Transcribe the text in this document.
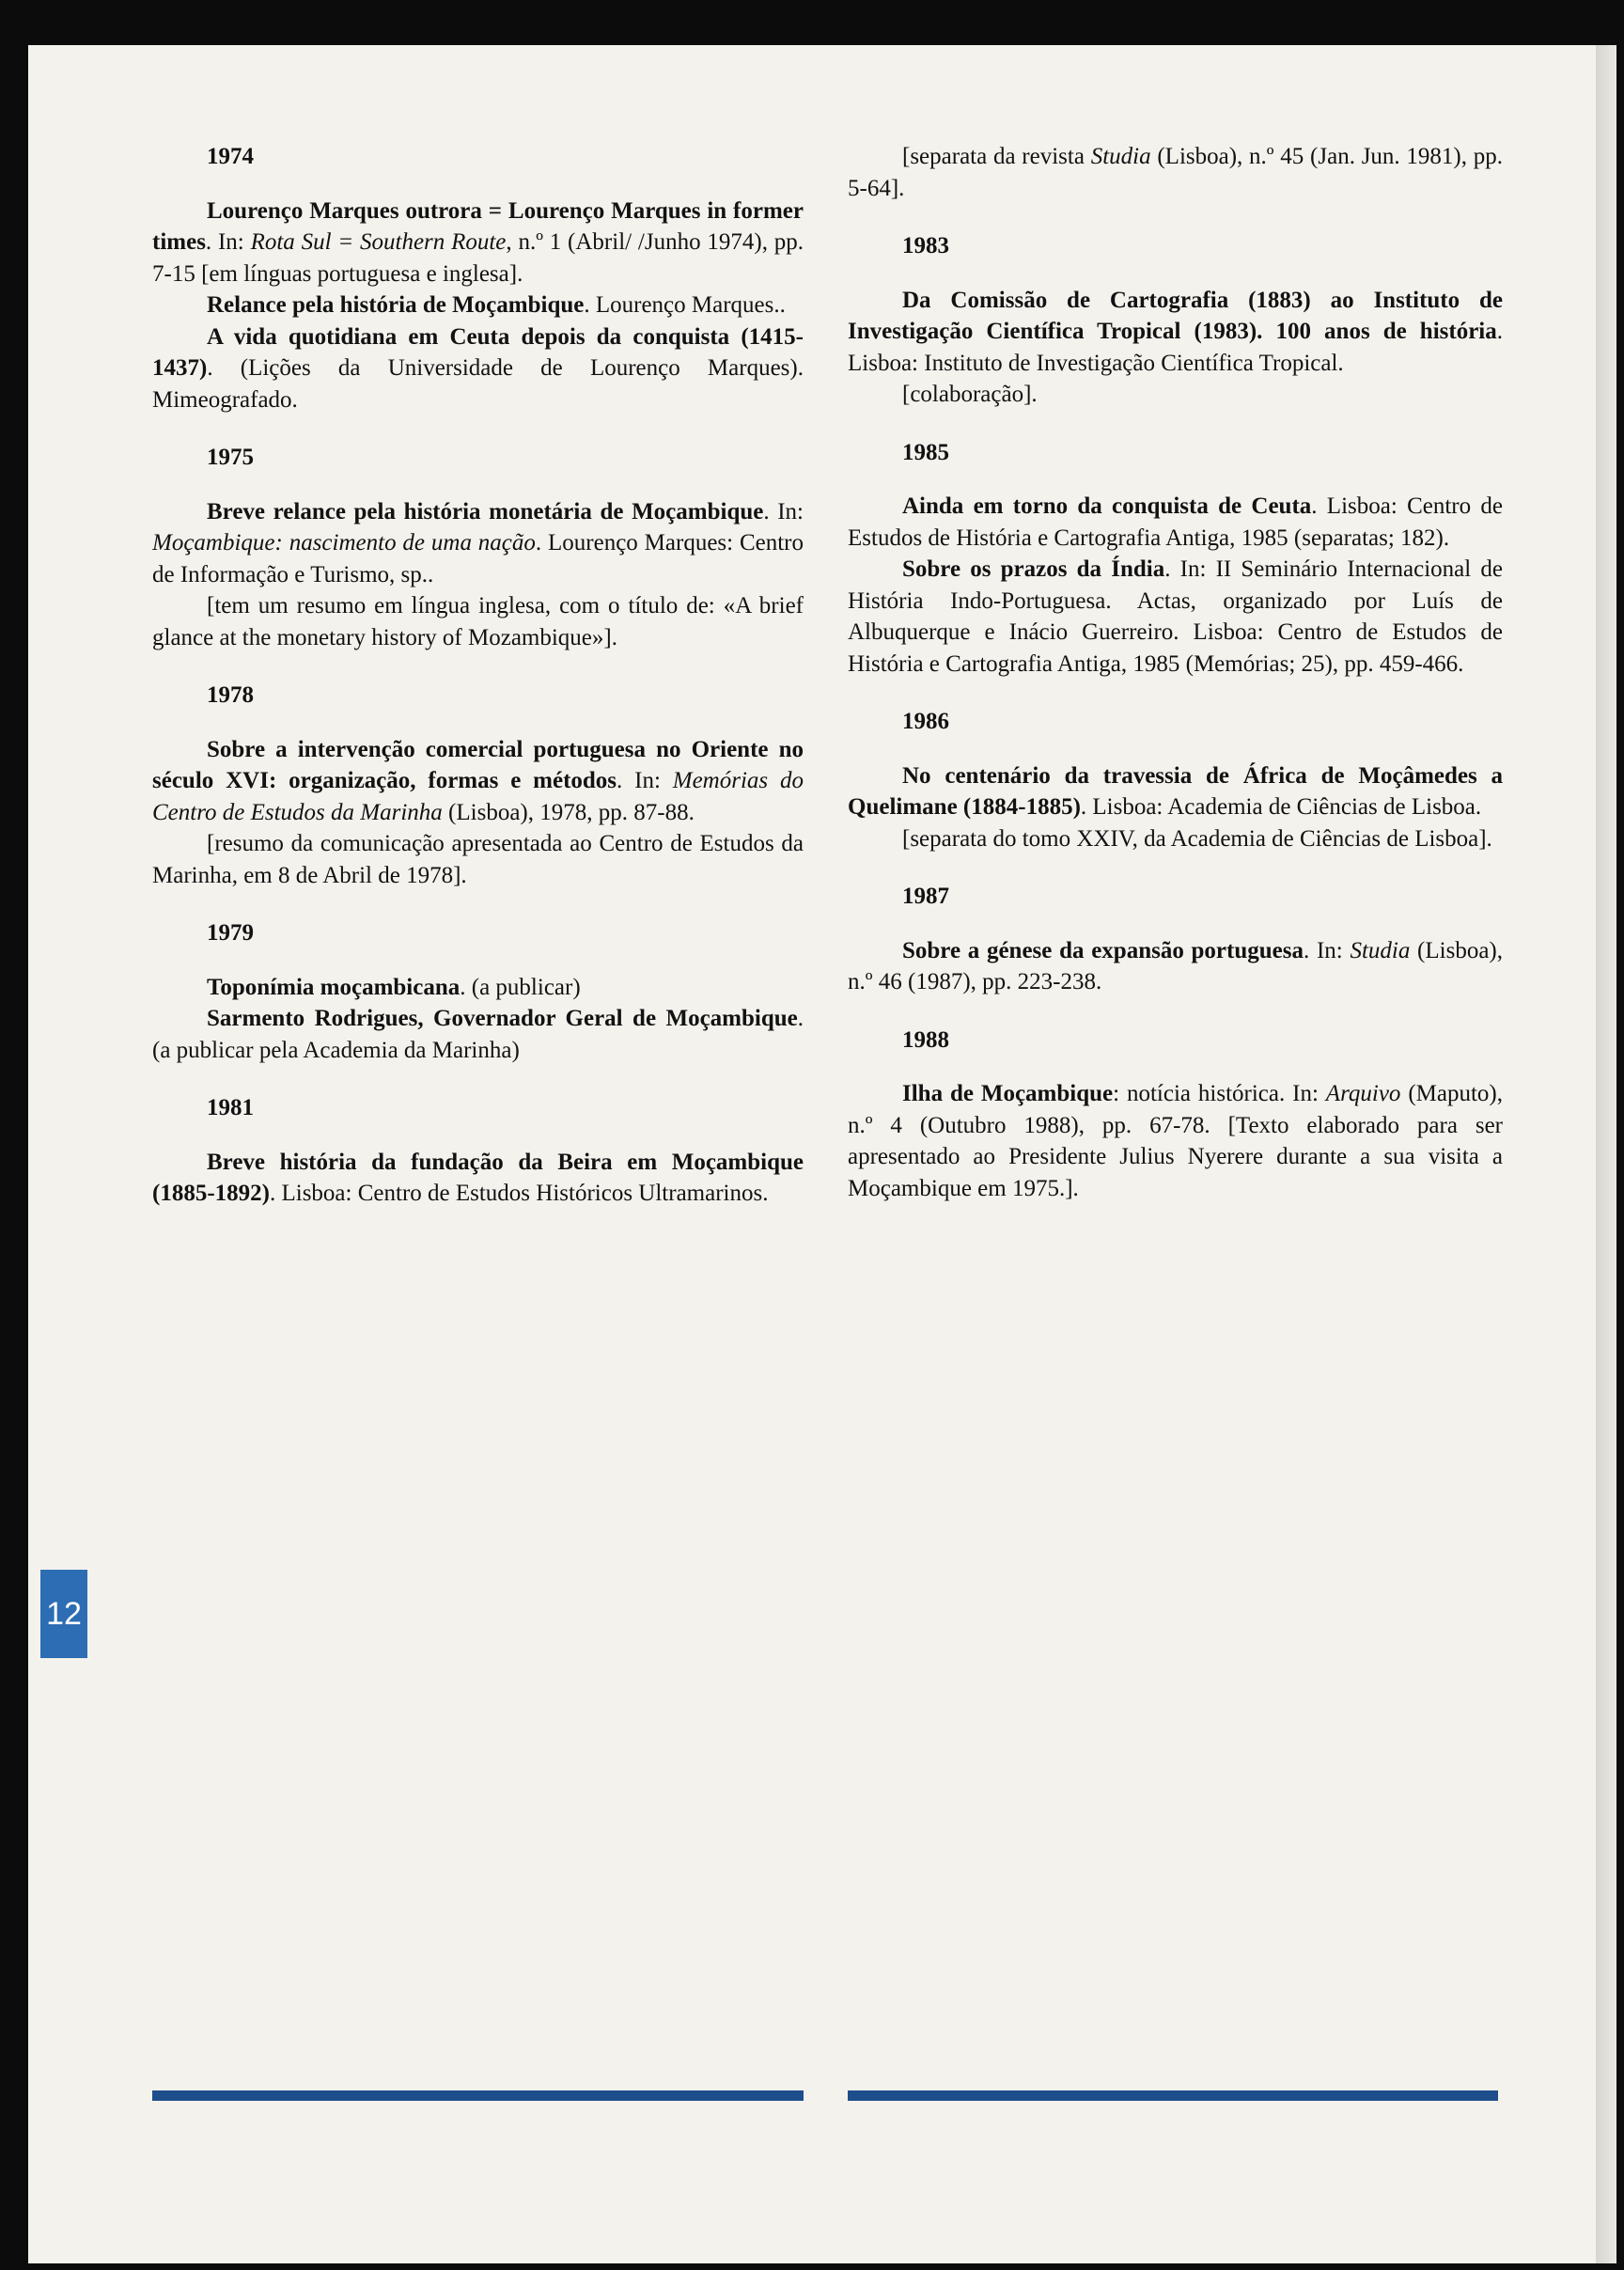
1974

Lourenço Marques outrora = Lourenço Marques in former times. In: Rota Sul = Southern Route, n.º 1 (Abril/ /Junho 1974), pp. 7-15 [em línguas portuguesa e inglesa].

Relance pela história de Moçambique. Lourenço Marques..

A vida quotidiana em Ceuta depois da conquista (1415-1437). (Lições da Universidade de Lourenço Marques). Mimeografado.

1975

Breve relance pela história monetária de Moçambique. In: Moçambique: nascimento de uma nação. Lourenço Marques: Centro de Informação e Turismo, sp..

[tem um resumo em língua inglesa, com o título de: «A brief glance at the monetary history of Mozambique»].

1978

Sobre a intervenção comercial portuguesa no Oriente no século XVI: organização, formas e métodos. In: Memórias do Centro de Estudos da Marinha (Lisboa), 1978, pp. 87-88.

[resumo da comunicação apresentada ao Centro de Estudos da Marinha, em 8 de Abril de 1978].

1979

Toponímia moçambicana. (a publicar)

Sarmento Rodrigues, Governador Geral de Moçambique. (a publicar pela Academia da Marinha)

1981

Breve história da fundação da Beira em Moçambique (1885-1892). Lisboa: Centro de Estudos Históricos Ultramarinos.

[separata da revista Studia (Lisboa), n.º 45 (Jan. Jun. 1981), pp. 5-64].

1983

Da Comissão de Cartografia (1883) ao Instituto de Investigação Científica Tropical (1983). 100 anos de história. Lisboa: Instituto de Investigação Científica Tropical.

[colaboração].

1985

Ainda em torno da conquista de Ceuta. Lisboa: Centro de Estudos de História e Cartografia Antiga, 1985 (separatas; 182).

Sobre os prazos da Índia. In: II Seminário Internacional de História Indo-Portuguesa. Actas, organizado por Luís de Albuquerque e Inácio Guerreiro. Lisboa: Centro de Estudos de História e Cartografia Antiga, 1985 (Memórias; 25), pp. 459-466.

1986

No centenário da travessia de África de Moçâmedes a Quelimane (1884-1885). Lisboa: Academia de Ciências de Lisboa.

[separata do tomo XXIV, da Academia de Ciências de Lisboa].

1987

Sobre a génese da expansão portuguesa. In: Studia (Lisboa), n.º 46 (1987), pp. 223-238.

1988

Ilha de Moçambique: notícia histórica. In: Arquivo (Maputo), n.º 4 (Outubro 1988), pp. 67-78. [Texto elaborado para ser apresentado ao Presidente Julius Nyerere durante a sua visita a Moçambique em 1975.].

12
